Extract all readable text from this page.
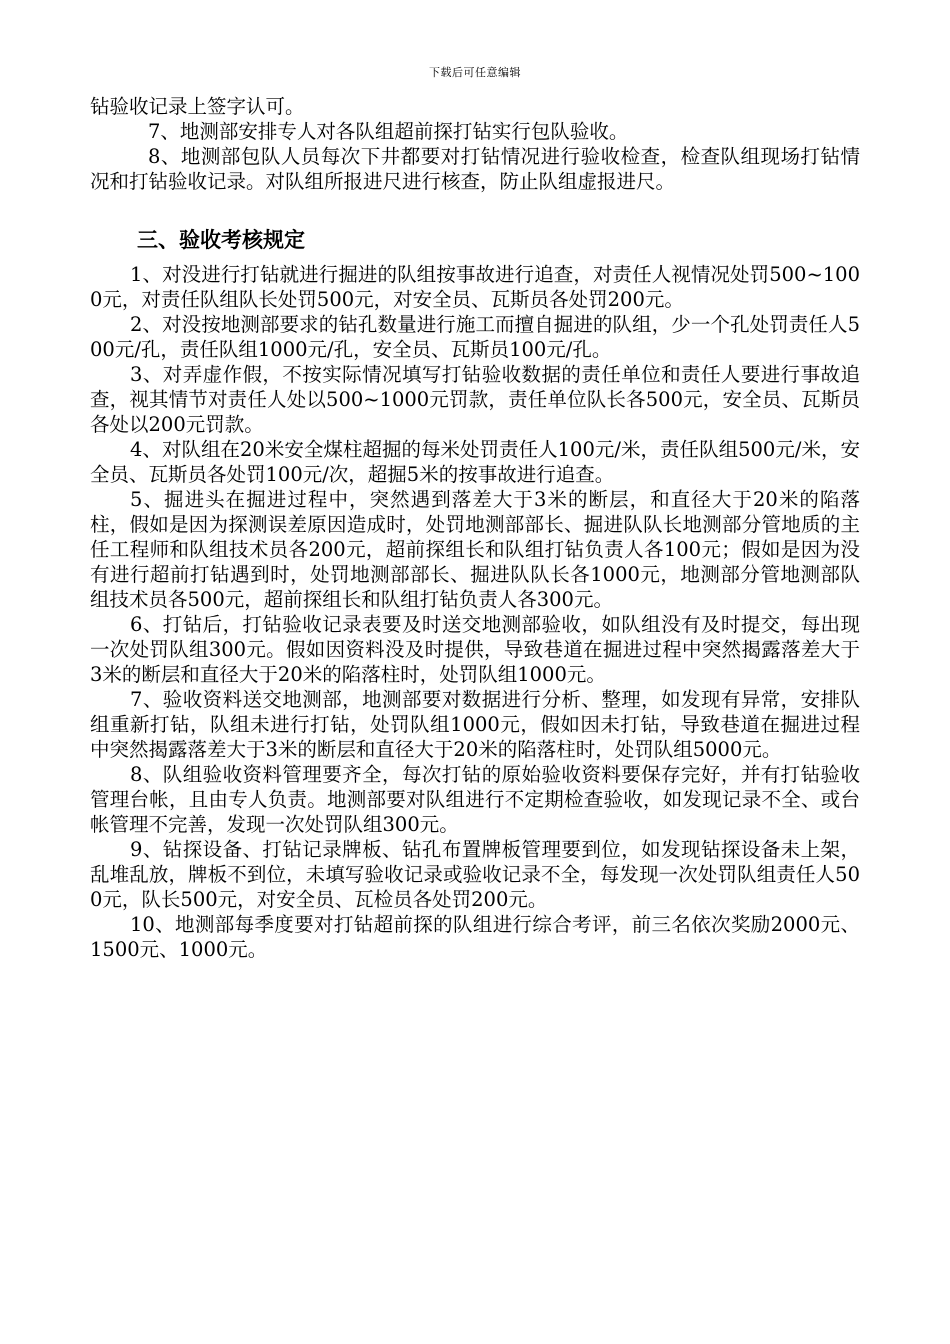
下载后可任意编辑

钻验收记录上签字认可。

7、地测部安排专人对各队组超前探打钻实行包队验收。

8、地测部包队人员每次下井都要对打钻情况进行验收检查，检查队组现场打钻情况和打钻验收记录。对队组所报进尺进行核查，防止队组虚报进尺。

三、验收考核规定

1、对没进行打钻就进行掘进的队组按事故进行追查，对责任人视情况处罚500~1000元，对责任队组队长处罚500元，对安全员、瓦斯员各处罚200元。

2、对没按地测部要求的钻孔数量进行施工而擅自掘进的队组，少一个孔处罚责任人500元/孔，责任队组1000元/孔，安全员、瓦斯员100元/孔。

3、对弄虚作假，不按实际情况填写打钻验收数据的责任单位和责任人要进行事故追查，视其情节对责任人处以500~1000元罚款，责任单位队长各500元，安全员、瓦斯员各处以200元罚款。

4、对队组在20米安全煤柱超掘的每米处罚责任人100元/米，责任队组500元/米，安全员、瓦斯员各处罚100元/次，超掘5米的按事故进行追查。

5、掘进头在掘进过程中，突然遇到落差大于3米的断层，和直径大于20米的陷落柱，假如是因为探测误差原因造成时，处罚地测部部长、掘进队队长地测部分管地质的主任工程师和队组技术员各200元，超前探组长和队组打钻负责人各100元；假如是因为没有进行超前打钻遇到时，处罚地测部部长、掘进队队长各1000元，地测部分管地测部队组技术员各500元，超前探组长和队组打钻负责人各300元。

6、打钻后，打钻验收记录表要及时送交地测部验收，如队组没有及时提交，每出现一次处罚队组300元。假如因资料没及时提供，导致巷道在掘进过程中突然揭露落差大于3米的断层和直径大于20米的陷落柱时，处罚队组1000元。

7、验收资料送交地测部，地测部要对数据进行分析、整理，如发现有异常，安排队组重新打钻，队组未进行打钻，处罚队组1000元，假如因未打钻，导致巷道在掘进过程中突然揭露落差大于3米的断层和直径大于20米的陷落柱时，处罚队组5000元。

8、队组验收资料管理要齐全，每次打钻的原始验收资料要保存完好，并有打钻验收管理台帐，且由专人负责。地测部要对队组进行不定期检查验收，如发现记录不全、或台帐管理不完善，发现一次处罚队组300元。

9、钻探设备、打钻记录牌板、钻孔布置牌板管理要到位，如发现钻探设备未上架，乱堆乱放，牌板不到位，未填写验收记录或验收记录不全，每发现一次处罚队组责任人500元，队长500元，对安全员、瓦检员各处罚200元。

10、地测部每季度要对打钻超前探的队组进行综合考评，前三名依次奖励2000元、1500元、1000元。
